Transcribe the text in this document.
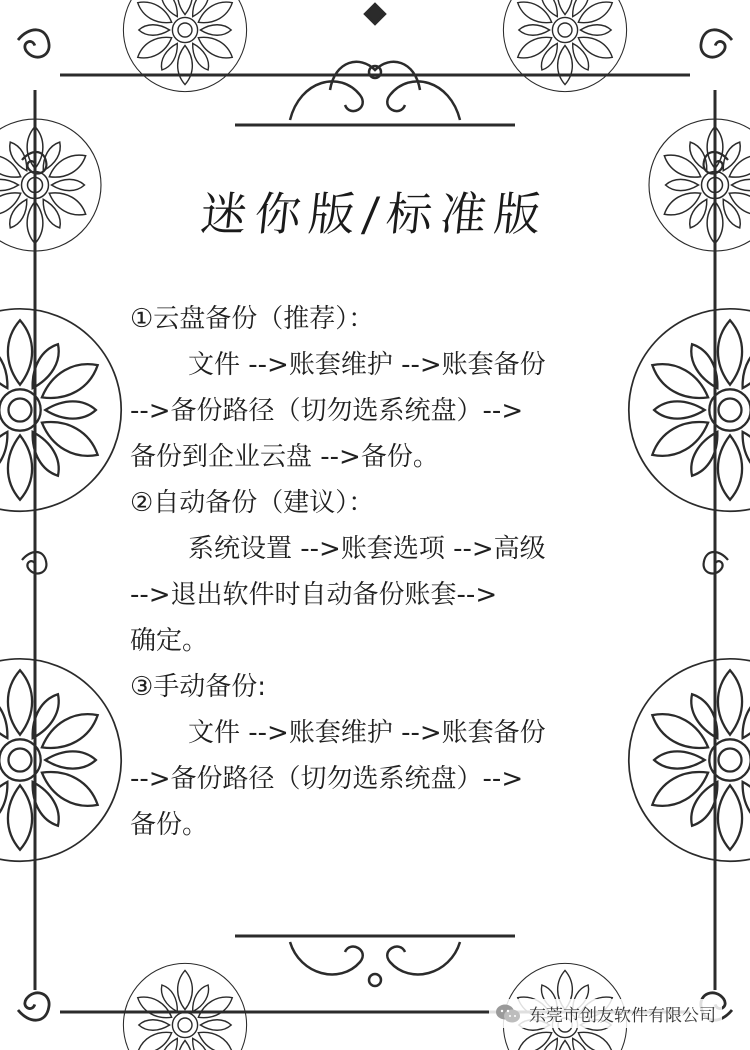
迷你版/标准版
①云盘备份（推荐）：
文件 -->账套维护 -->账套备份
-->备份路径（切勿选系统盘）-->
备份到企业云盘 -->备份。
②自动备份（建议）：
系统设置 -->账套选项 -->高级
-->退出软件时自动备份账套-->
确定。
③手动备份:
文件 -->账套维护 -->账套备份
-->备份路径（切勿选系统盘）-->
备份。
东莞市创友软件有限公司
